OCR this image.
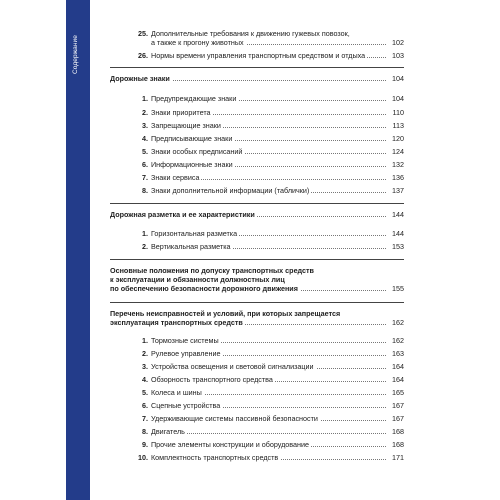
Содержание
25. Дополнительные требования к движению гужевых повозок,
а также к прогону животных	102
26. Нормы времени управления транспортным средством и отдыха	103
Дорожные знаки	104
1. Предупреждающие знаки	104
2. Знаки приоритета	110
3. Запрещающие знаки	113
4. Предписывающие знаки	120
5. Знаки особых предписаний	124
6. Информационные знаки	132
7. Знаки сервиса	136
8. Знаки дополнительной информации (таблички)	137
Дорожная разметка и ее характеристики	144
1. Горизонтальная разметка	144
2. Вертикальная разметка	153
Основные положения по допуску транспортных средств
к эксплуатации и обязанности должностных лиц
по обеспечению безопасности дорожного движения	155
Перечень неисправностей и условий, при которых запрещается
эксплуатация транспортных средств	162
1. Тормозные системы	162
2. Рулевое управление	163
3. Устройства освещения и световой сигнализации	164
4. Обзорность транспортного средства	164
5. Колеса и шины	165
6. Сцепные устройства	167
7. Удерживающие системы пассивной безопасности	167
8. Двигатель	168
9. Прочие элементы конструкции и оборудование	168
10. Комплектность транспортных средств	171
